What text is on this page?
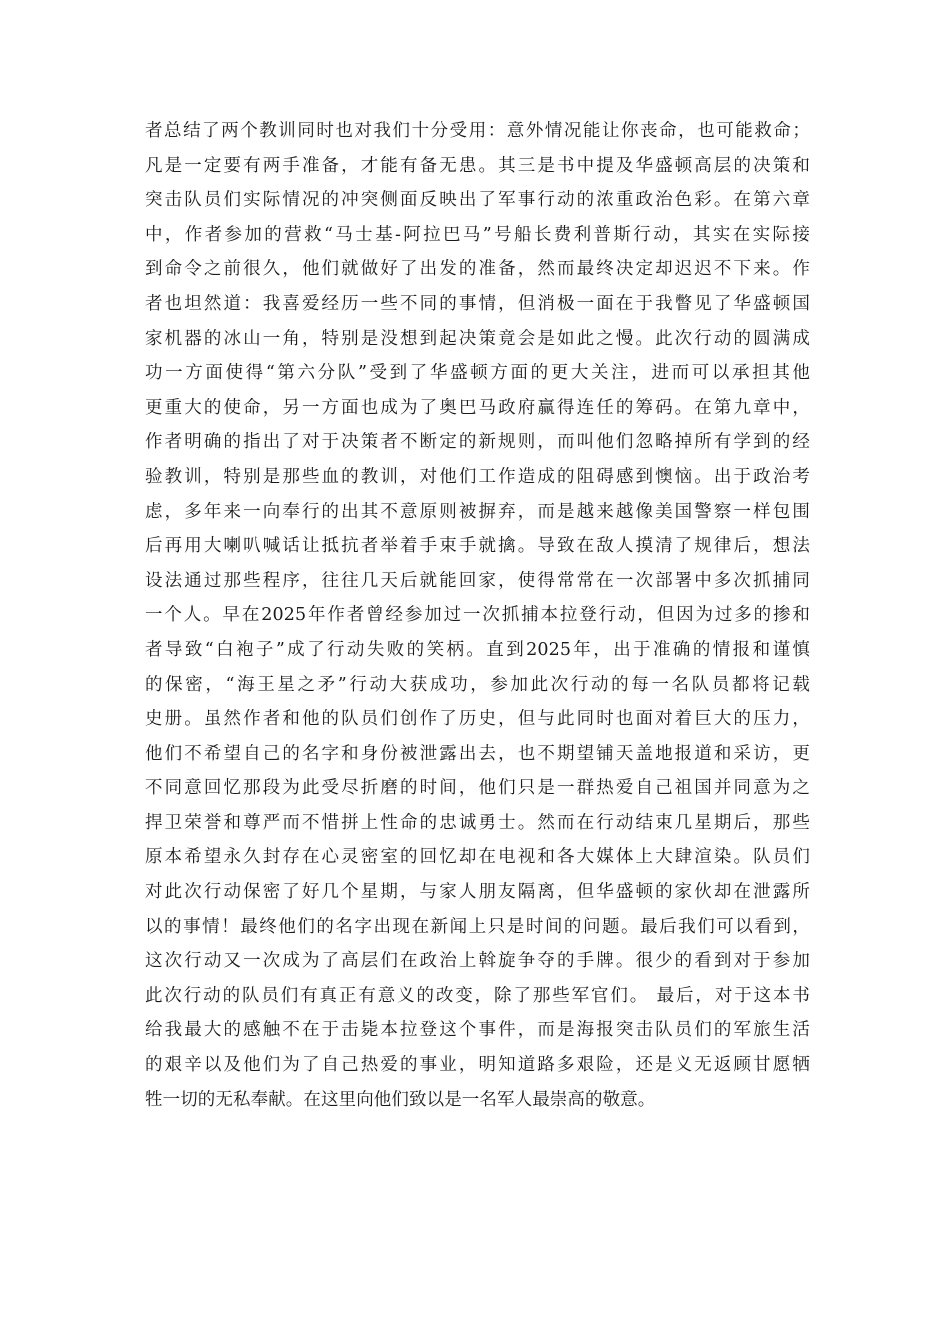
者总结了两个教训同时也对我们十分受用：意外情况能让你丧命，也可能救命；
凡是一定要有两手准备，才能有备无患。其三是书中提及华盛顿高层的决策和
突击队员们实际情况的冲突侧面反映出了军事行动的浓重政治色彩。在第六章
中，作者参加的营救“马士基-阿拉巴马”号船长费利普斯行动，其实在实际接
到命令之前很久，他们就做好了出发的准备，然而最终决定却迟迟不下来。作
者也坦然道：我喜爱经历一些不同的事情，但消极一面在于我瞥见了华盛顿国
家机器的冰山一角，特别是没想到起决策竟会是如此之慢。此次行动的圆满成
功一方面使得“第六分队”受到了华盛顿方面的更大关注，进而可以承担其他
更重大的使命，另一方面也成为了奥巴马政府赢得连任的筹码。在第九章中，
作者明确的指出了对于决策者不断定的新规则，而叫他们忽略掉所有学到的经
验教训，特别是那些血的教训，对他们工作造成的阻碍感到懊恼。出于政治考
虑，多年来一向奉行的出其不意原则被摒弃，而是越来越像美国警察一样包围
后再用大喇叭喊话让抵抗者举着手束手就擒。导致在敌人摸清了规律后，想法
设法通过那些程序，往往几天后就能回家，使得常常在一次部署中多次抓捕同
一个人。早在2025年作者曾经参加过一次抓捕本拉登行动，但因为过多的掺和
者导致“白袍子”成了行动失败的笑柄。直到2025年，出于准确的情报和谨慎
的保密，“海王星之矛”行动大获成功，参加此次行动的每一名队员都将记载
史册。虽然作者和他的队员们创作了历史，但与此同时也面对着巨大的压力，
他们不希望自己的名字和身份被泄露出去，也不期望铺天盖地报道和采访，更
不同意回忆那段为此受尽折磨的时间，他们只是一群热爱自己祖国并同意为之
捍卫荣誉和尊严而不惜拼上性命的忠诚勇士。然而在行动结束几星期后，那些
原本希望永久封存在心灵密室的回忆却在电视和各大媒体上大肆渲染。队员们
对此次行动保密了好几个星期，与家人朋友隔离，但华盛顿的家伙却在泄露所
以的事情！最终他们的名字出现在新闻上只是时间的问题。最后我们可以看到，
这次行动又一次成为了高层们在政治上斡旋争夺的手牌。很少的看到对于参加
此次行动的队员们有真正有意义的改变，除了那些军官们。 最后，对于这本书
给我最大的感触不在于击毙本拉登这个事件，而是海报突击队员们的军旅生活
的艰辛以及他们为了自己热爱的事业，明知道路多艰险，还是义无返顾甘愿牺
牲一切的无私奉献。在这里向他们致以是一名军人最崇高的敬意。
